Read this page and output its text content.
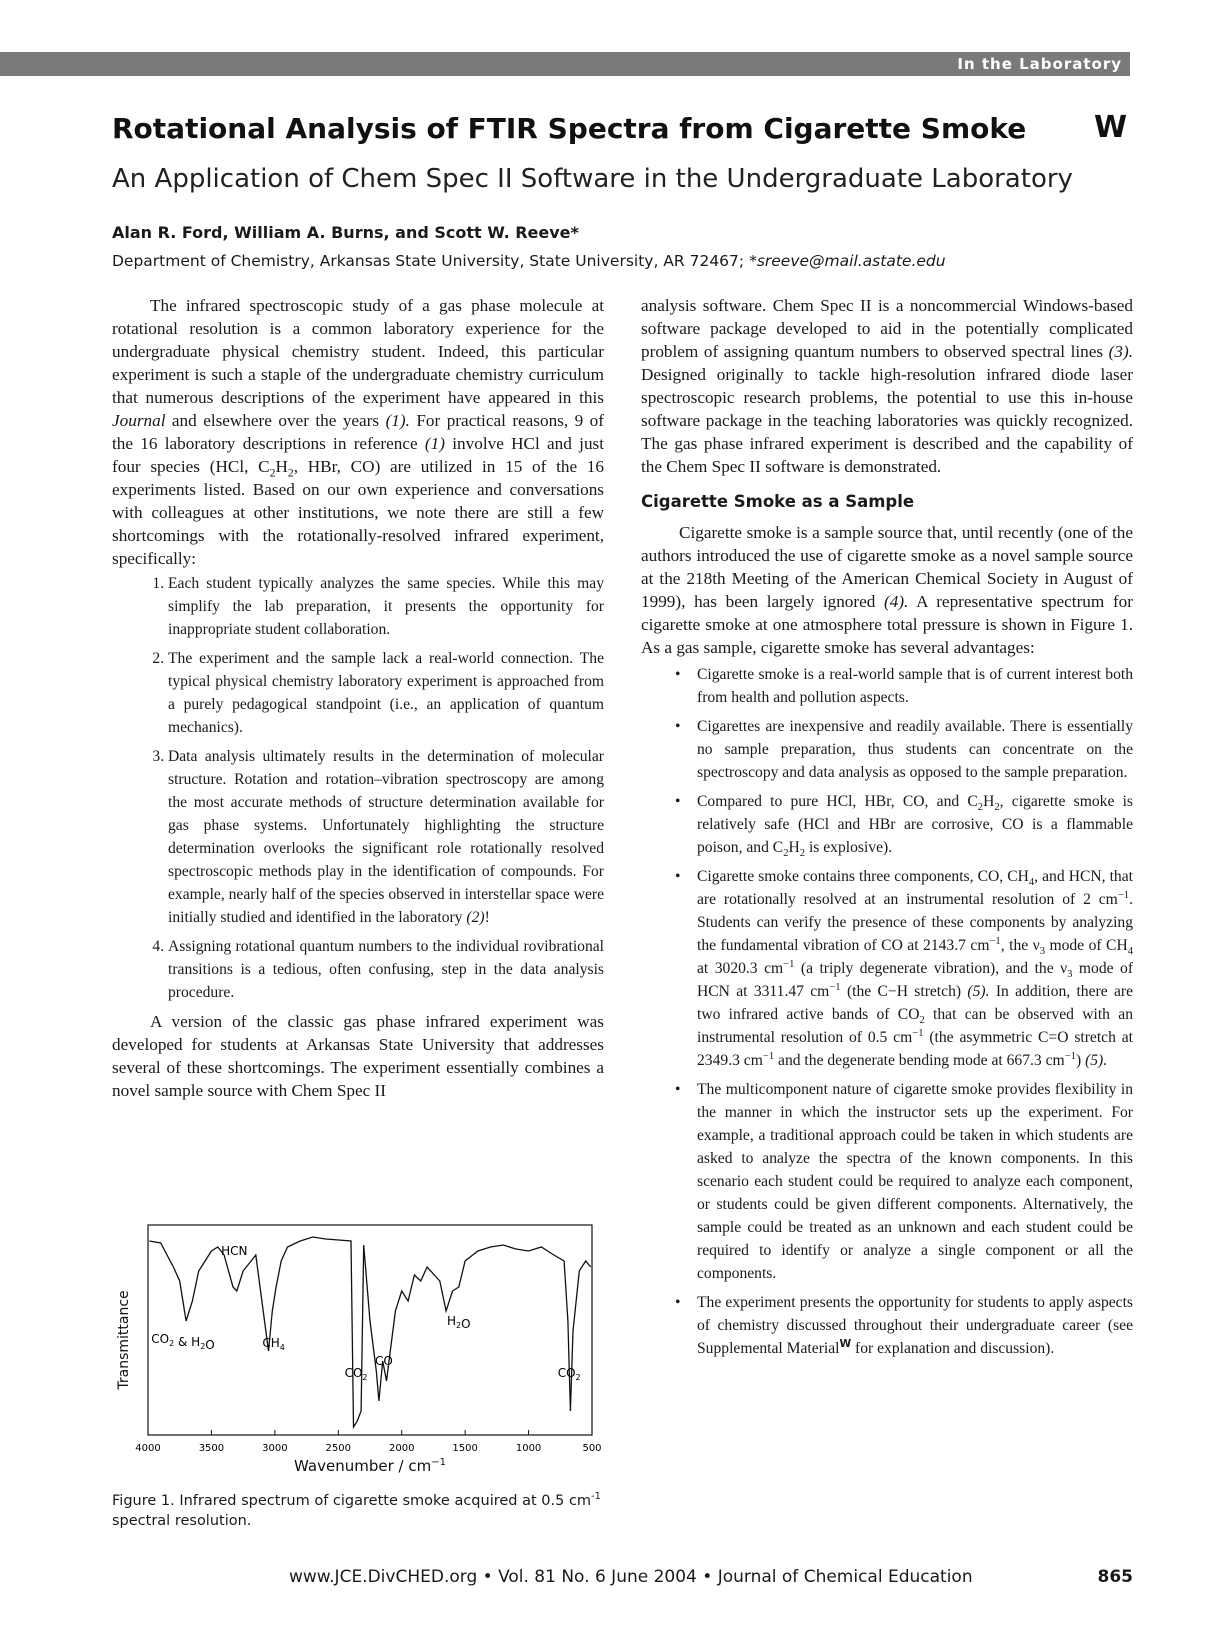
In the Laboratory
Rotational Analysis of FTIR Spectra from Cigarette Smoke	W
An Application of Chem Spec II Software in the Undergraduate Laboratory
Alan R. Ford, William A. Burns, and Scott W. Reeve*
Department of Chemistry, Arkansas State University, State University, AR 72467; *sreeve@mail.astate.edu

The infrared spectroscopic study of a gas phase molecule at rotational resolution is a common laboratory experience for the undergraduate physical chemistry student. Indeed, this particular experiment is such a staple of the undergraduate chemistry curriculum that numerous descriptions of the experiment have appeared in this Journal and elsewhere over the years (1). For practical reasons, 9 of the 16 laboratory descriptions in reference (1) involve HCl and just four species (HCl, $C_2H_2$, HBr, CO) are utilized in 15 of the 16 experiments listed. Based on our own experience and conversations with colleagues at other institutions, we note there are still a few shortcomings with the rotationally-resolved infrared experiment, specifically:

1. Each student typically analyzes the same species. While this may simplify the lab preparation, it presents the opportunity for inappropriate student collaboration.
2. The experiment and the sample lack a real-world connection. The typical physical chemistry laboratory experiment is approached from a purely pedagogical standpoint (i.e., an application of quantum mechanics).
3. Data analysis ultimately results in the determination of molecular structure. Rotation and rotation–vibration spectroscopy are among the most accurate methods of structure determination available for gas phase systems. Unfortunately highlighting the structure determination overlooks the significant role rotationally resolved spectroscopic methods play in the identification of compounds. For example, nearly half of the species observed in interstellar space were initially studied and identified in the laboratory (2)!
4. Assigning rotational quantum numbers to the individual rovibrational transitions is a tedious, often confusing, step in the data analysis procedure.

A version of the classic gas phase infrared experiment was developed for students at Arkansas State University that addresses several of these shortcomings. The experiment essentially combines a novel sample source with Chem Spec II

analysis software. Chem Spec II is a noncommercial Windows-based software package developed to aid in the potentially complicated problem of assigning quantum numbers to observed spectral lines (3). Designed originally to tackle high-resolution infrared diode laser spectroscopic research problems, the potential to use this in-house software package in the teaching laboratories was quickly recognized. The gas phase infrared experiment is described and the capability of the Chem Spec II software is demonstrated.

Cigarette Smoke as a Sample

Cigarette smoke is a sample source that, until recently (one of the authors introduced the use of cigarette smoke as a novel sample source at the 218th Meeting of the American Chemical Society in August of 1999), has been largely ignored (4). A representative spectrum for cigarette smoke at one atmosphere total pressure is shown in Figure 1. As a gas sample, cigarette smoke has several advantages:

• Cigarette smoke is a real-world sample that is of current interest both from health and pollution aspects.
• Cigarettes are inexpensive and readily available. There is essentially no sample preparation, thus students can concentrate on the spectroscopy and data analysis as opposed to the sample preparation.
• Compared to pure HCl, HBr, CO, and $C_2H_2$, cigarette smoke is relatively safe (HCl and HBr are corrosive, CO is a flammable poison, and $C_2H_2$ is explosive).
• Cigarette smoke contains three components, CO, $CH_4$, and HCN, that are rotationally resolved at an instrumental resolution of 2 $cm^{-1}$. Students can verify the presence of these components by analyzing the fundamental vibration of CO at 2143.7 $cm^{-1}$, the $\nu_3$ mode of $CH_4$ at 3020.3 $cm^{-1}$ (a triply degenerate vibration), and the $\nu_3$ mode of HCN at 3311.47 $cm^{-1}$ (the C−H stretch) (5). In addition, there are two infrared active bands of $CO_2$ that can be observed with an instrumental resolution of 0.5 $cm^{-1}$ (the asymmetric C=O stretch at 2349.3 $cm^{-1}$ and the degenerate bending mode at 667.3 $cm^{-1}$) (5).
• The multicomponent nature of cigarette smoke provides flexibility in the manner in which the instructor sets up the experiment. For example, a traditional approach could be taken in which students are asked to analyze the spectra of the known components. In this scenario each student could be required to analyze each component, or students could be given different components. Alternatively, the sample could be treated as an unknown and each student could be required to identify or analyze a single component or all the components.
• The experiment presents the opportunity for students to apply aspects of chemistry discussed throughout their undergraduate career (see Supplemental Material$^W$ for explanation and discussion).
4000	3500	3000	2500	2000	1500	1000	500
HCN
$CO_2$ & $H_2O$	$CH_4$
$CO_2$
CO
$H_2O$
$CO_2$
Transmittance
Wavenumber / $cm^{-1}$
Figure 1. Infrared spectrum of cigarette smoke acquired at 0.5 $cm^{-1}$ spectral resolution.
www.JCE.DivCHED.org • Vol. 81 No. 6 June 2004 • Journal of Chemical Education	865
